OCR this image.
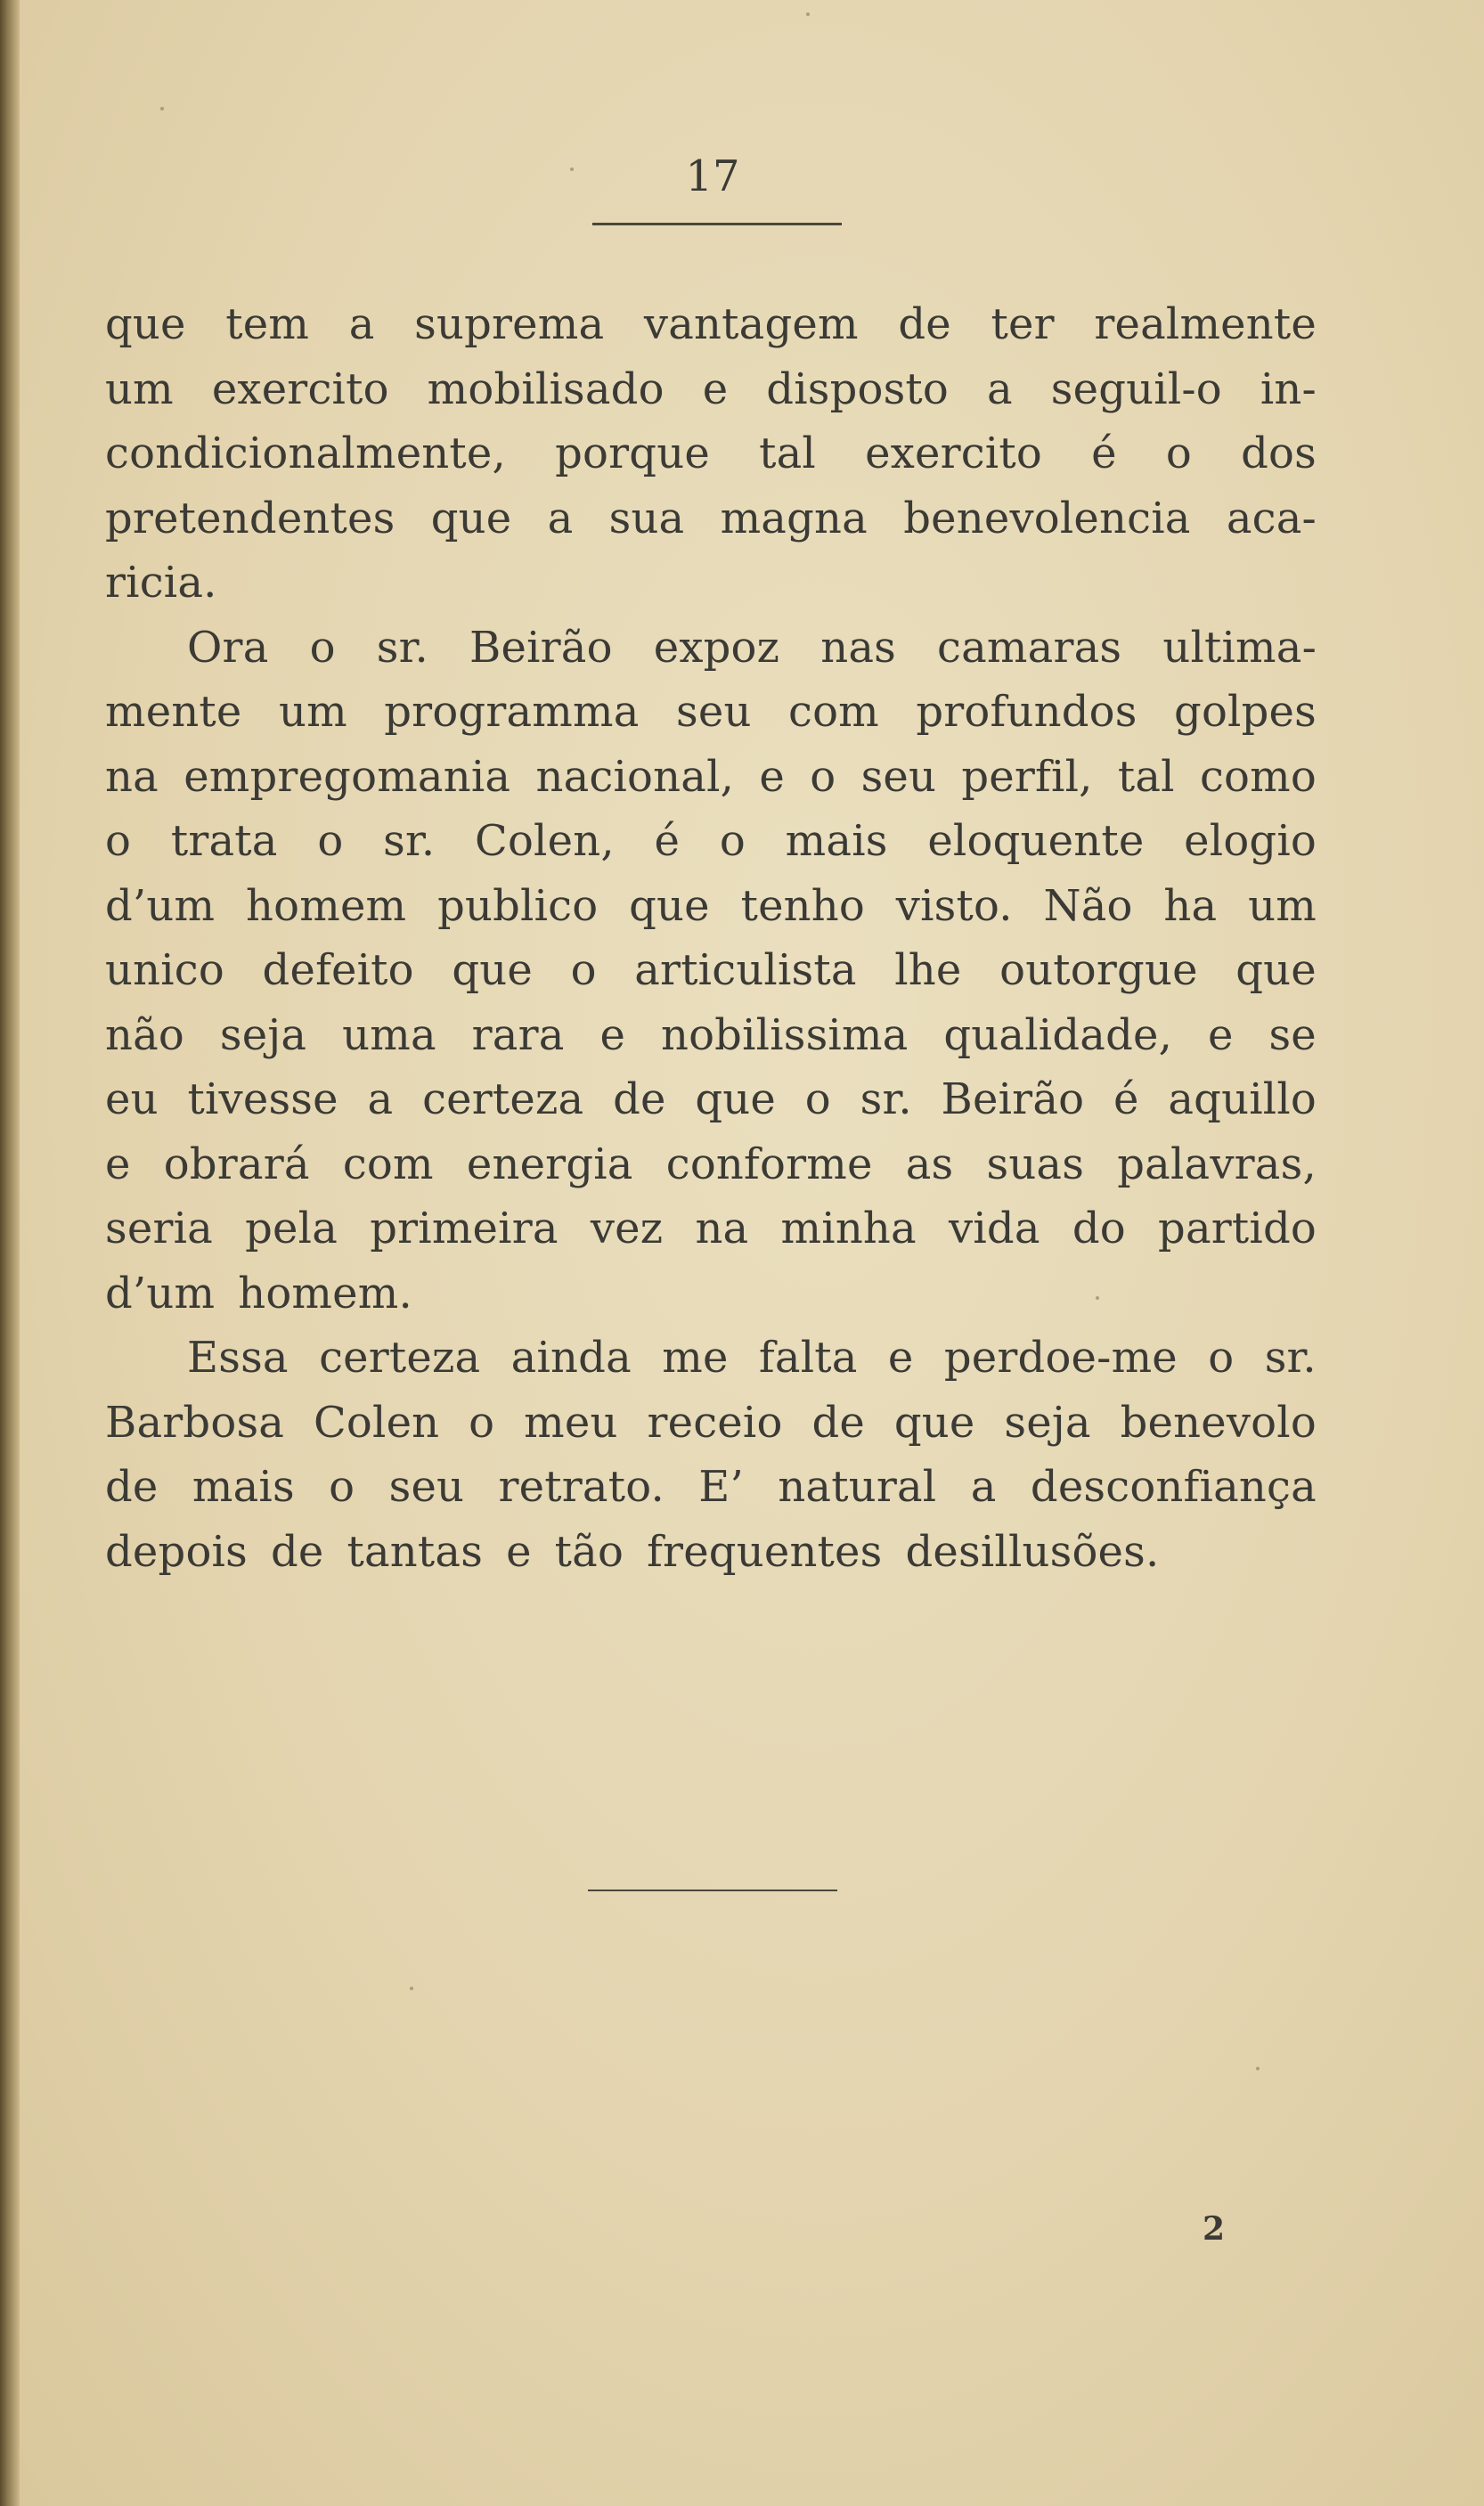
17
que tem a suprema vantagem de ter realmente
um exercito mobilisado e disposto a seguil-o in-
condicionalmente, porque tal exercito é o dos
pretendentes que a sua magna benevolencia aca-
ricia.
Ora o sr. Beirão expoz nas camaras ultima-
mente um programma seu com profundos golpes
na empregomania nacional, e o seu perfil, tal como
o trata o sr. Colen, é o mais eloquente elogio
d’um homem publico que tenho visto. Não ha um
unico defeito que o articulista lhe outorgue que
não seja uma rara e nobilissima qualidade, e se
eu tivesse a certeza de que o sr. Beirão é aquillo
e obrará com energia conforme as suas palavras,
seria pela primeira vez na minha vida do partido
d’um homem.
Essa certeza ainda me falta e perdoe-me o sr.
Barbosa Colen o meu receio de que seja benevolo
de mais o seu retrato. E’ natural a desconfiança
depois de tantas e tão frequentes desillusões.
2
